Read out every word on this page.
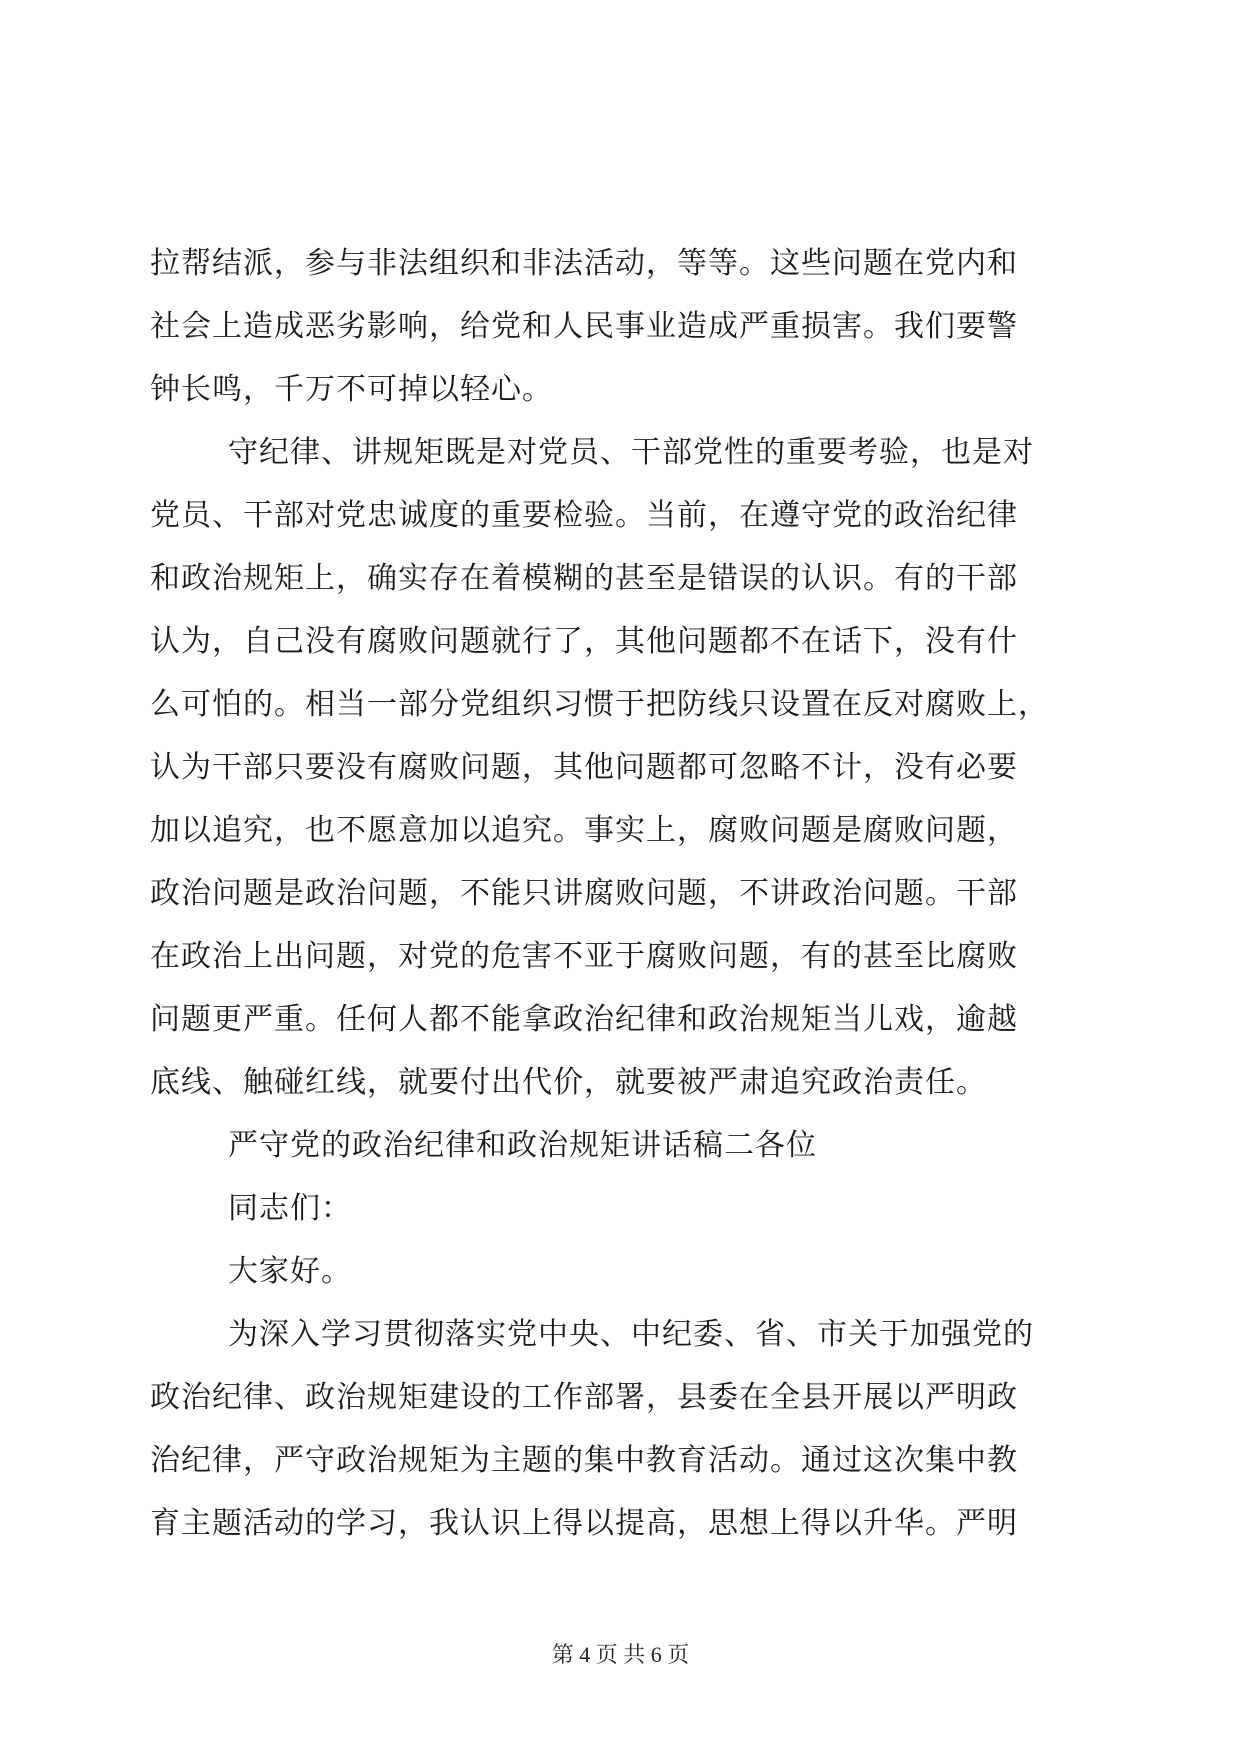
拉帮结派，参与非法组织和非法活动，等等。这些问题在党内和
社会上造成恶劣影响，给党和人民事业造成严重损害。我们要警
钟长鸣，千万不可掉以轻心。
守纪律、讲规矩既是对党员、干部党性的重要考验，也是对
党员、干部对党忠诚度的重要检验。当前，在遵守党的政治纪律
和政治规矩上，确实存在着模糊的甚至是错误的认识。有的干部
认为，自己没有腐败问题就行了，其他问题都不在话下，没有什
么可怕的。相当一部分党组织习惯于把防线只设置在反对腐败上，
认为干部只要没有腐败问题，其他问题都可忽略不计，没有必要
加以追究，也不愿意加以追究。事实上，腐败问题是腐败问题，
政治问题是政治问题，不能只讲腐败问题，不讲政治问题。干部
在政治上出问题，对党的危害不亚于腐败问题，有的甚至比腐败
问题更严重。任何人都不能拿政治纪律和政治规矩当儿戏，逾越
底线、触碰红线，就要付出代价，就要被严肃追究政治责任。
严守党的政治纪律和政治规矩讲话稿二各位
同志们：
大家好。
为深入学习贯彻落实党中央、中纪委、省、市关于加强党的
政治纪律、政治规矩建设的工作部署，县委在全县开展以严明政
治纪律，严守政治规矩为主题的集中教育活动。通过这次集中教
育主题活动的学习，我认识上得以提高，思想上得以升华。严明
第 4 页 共 6 页
